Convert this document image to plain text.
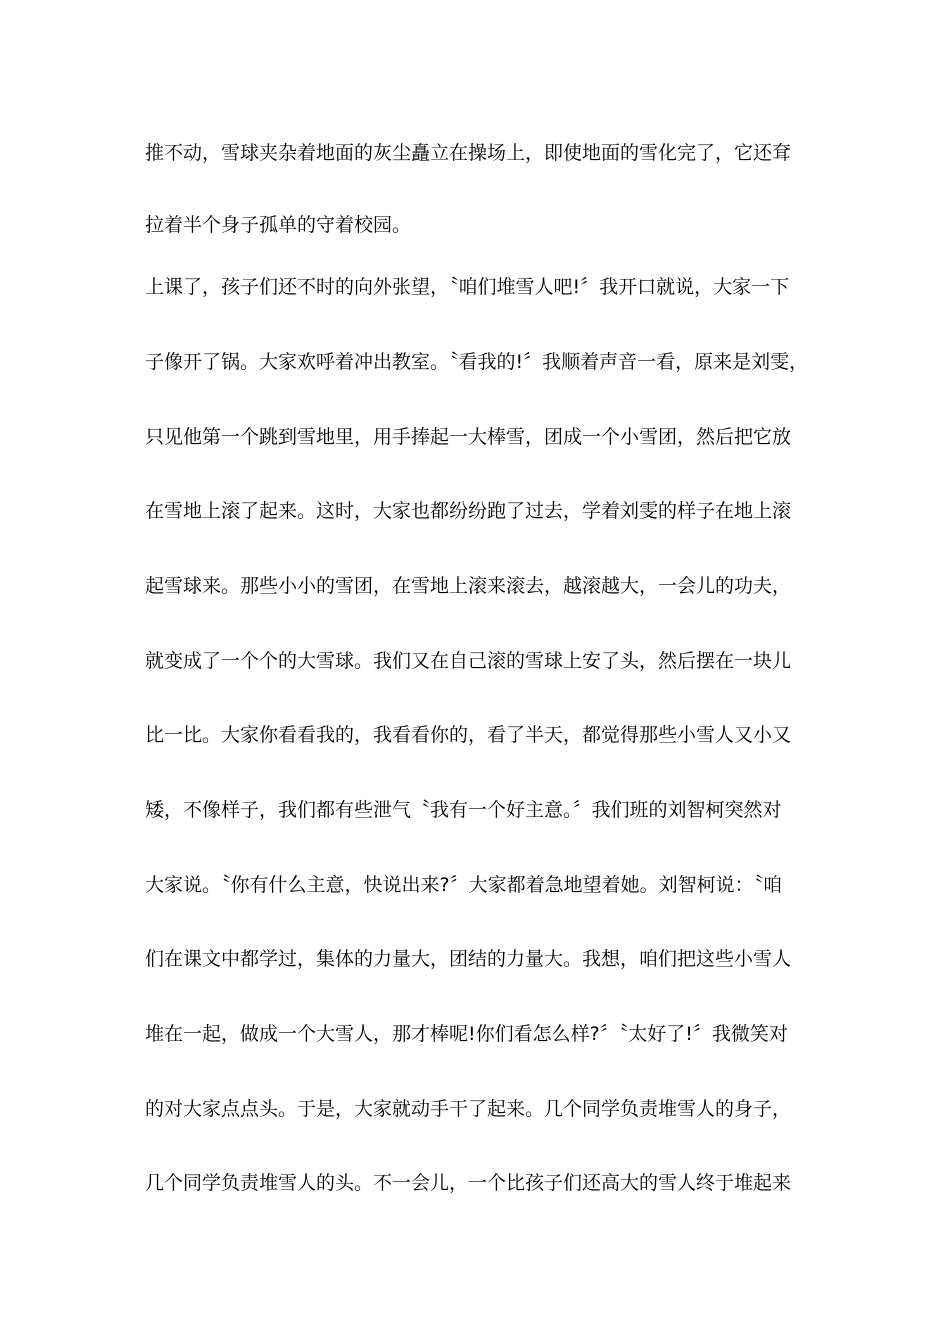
推不动，雪球夹杂着地面的灰尘矗立在操场上，即使地面的雪化完了，它还耷
拉着半个身子孤单的守着校园。
上课了，孩子们还不时的向外张望，〝咱们堆雪人吧!〞我开口就说，大家一下
子像开了锅。大家欢呼着冲出教室。〝看我的!〞我顺着声音一看，原来是刘雯，
只见他第一个跳到雪地里，用手捧起一大棒雪，团成一个小雪团，然后把它放
在雪地上滚了起来。这时，大家也都纷纷跑了过去，学着刘雯的样子在地上滚
起雪球来。那些小小的雪团，在雪地上滚来滚去，越滚越大，一会儿的功夫，
就变成了一个个的大雪球。我们又在自己滚的雪球上安了头，然后摆在一块儿
比一比。大家你看看我的，我看看你的，看了半天，都觉得那些小雪人又小又
矮，不像样子，我们都有些泄气〝我有一个好主意。〞我们班的刘智柯突然对
大家说。〝你有什么主意，快说出来?〞大家都着急地望着她。刘智柯说：〝咱
们在课文中都学过，集体的力量大，团结的力量大。我想，咱们把这些小雪人
堆在一起，做成一个大雪人，那才棒呢!你们看怎么样?〞〝太好了!〞我微笑对
的对大家点点头。于是，大家就动手干了起来。几个同学负责堆雪人的身子，
几个同学负责堆雪人的头。不一会儿，一个比孩子们还高大的雪人终于堆起来
